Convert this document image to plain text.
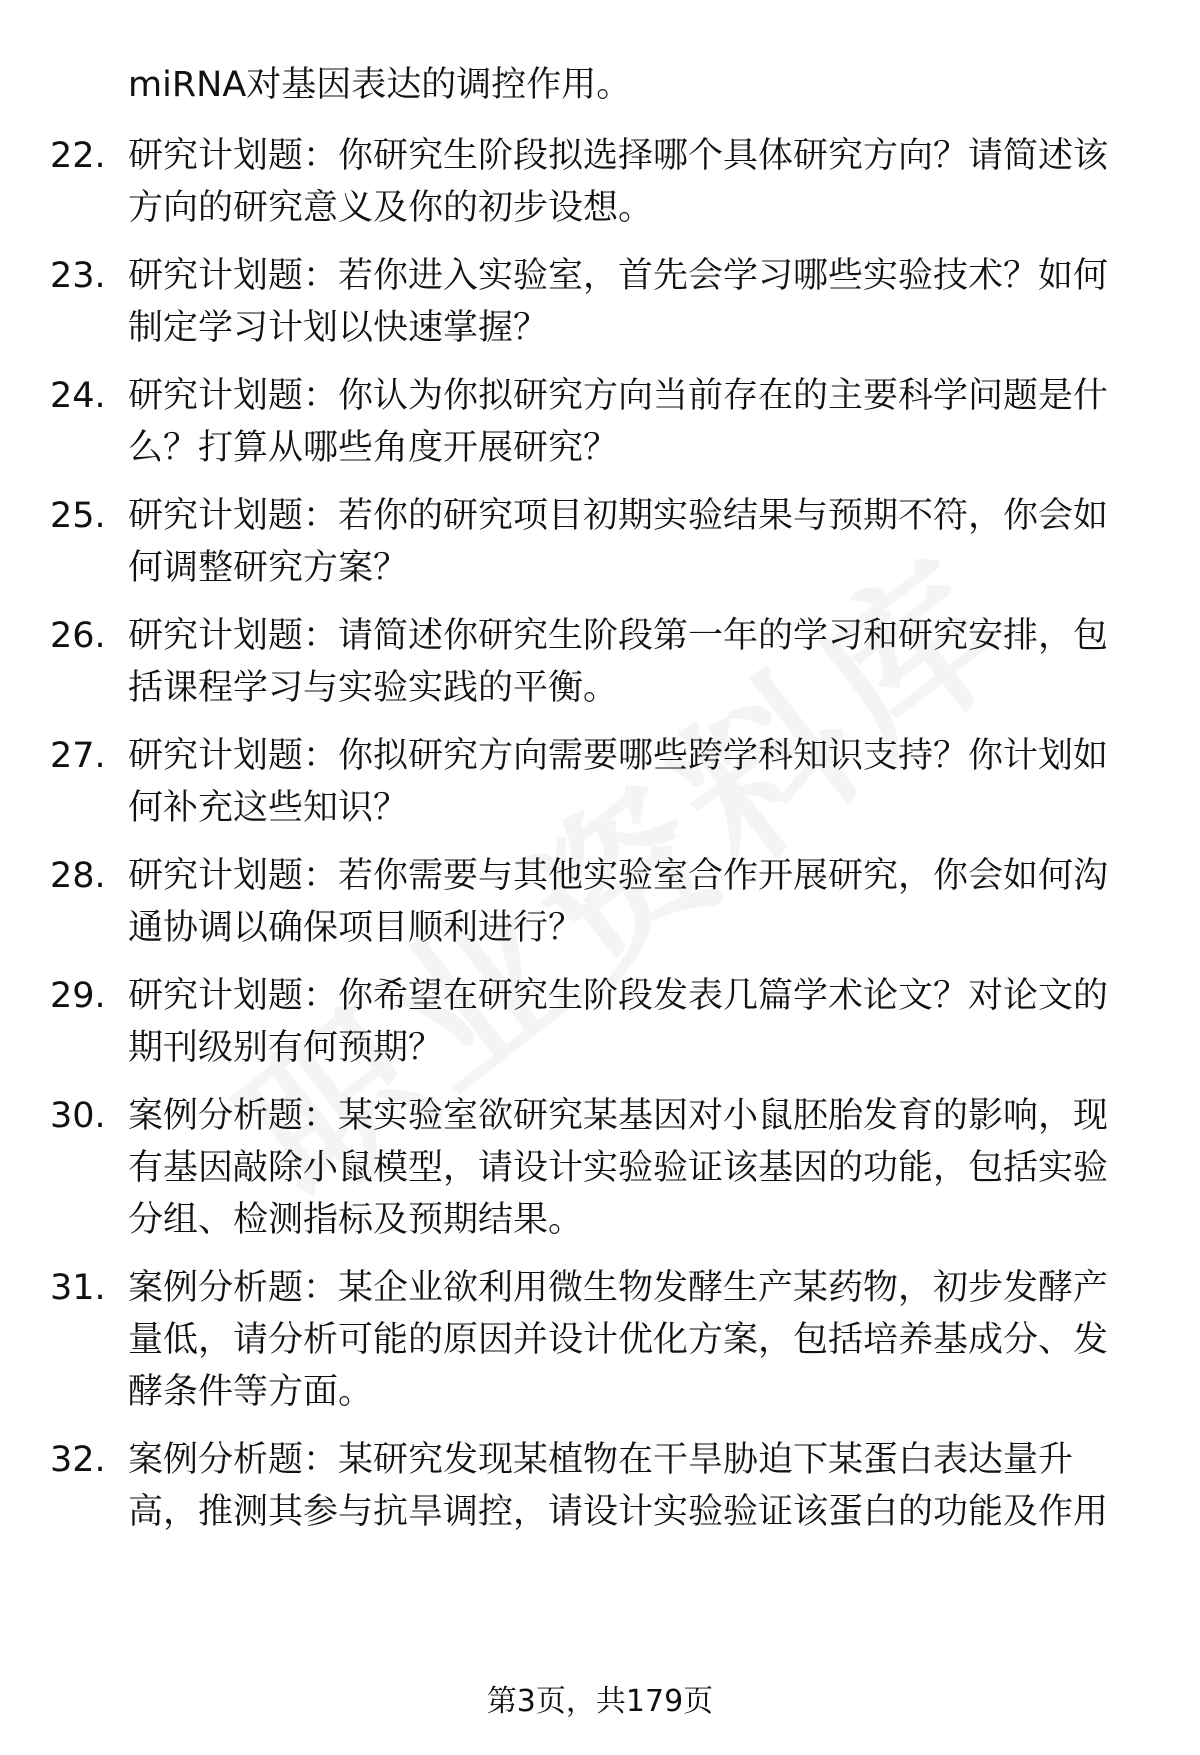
miRNA对基因表达的调控作用。
22. 研究计划题：你研究生阶段拟选择哪个具体研究方向？请简述该
方向的研究意义及你的初步设想。
23. 研究计划题：若你进入实验室，首先会学习哪些实验技术？如何
制定学习计划以快速掌握？
24. 研究计划题：你认为你拟研究方向当前存在的主要科学问题是什
么？打算从哪些角度开展研究？
25. 研究计划题：若你的研究项目初期实验结果与预期不符，你会如
何调整研究方案？
26. 研究计划题：请简述你研究生阶段第一年的学习和研究安排，包
括课程学习与实验实践的平衡。
27. 研究计划题：你拟研究方向需要哪些跨学科知识支持？你计划如
何补充这些知识？
28. 研究计划题：若你需要与其他实验室合作开展研究，你会如何沟
通协调以确保项目顺利进行？
29. 研究计划题：你希望在研究生阶段发表几篇学术论文？对论文的
期刊级别有何预期？
30. 案例分析题：某实验室欲研究某基因对小鼠胚胎发育的影响，现
有基因敲除小鼠模型，请设计实验验证该基因的功能，包括实验
分组、检测指标及预期结果。
31. 案例分析题：某企业欲利用微生物发酵生产某药物，初步发酵产
量低，请分析可能的原因并设计优化方案，包括培养基成分、发
酵条件等方面。
32. 案例分析题：某研究发现某植物在干旱胁迫下某蛋白表达量升
高，推测其参与抗旱调控，请设计实验验证该蛋白的功能及作用
第3页，共179页
